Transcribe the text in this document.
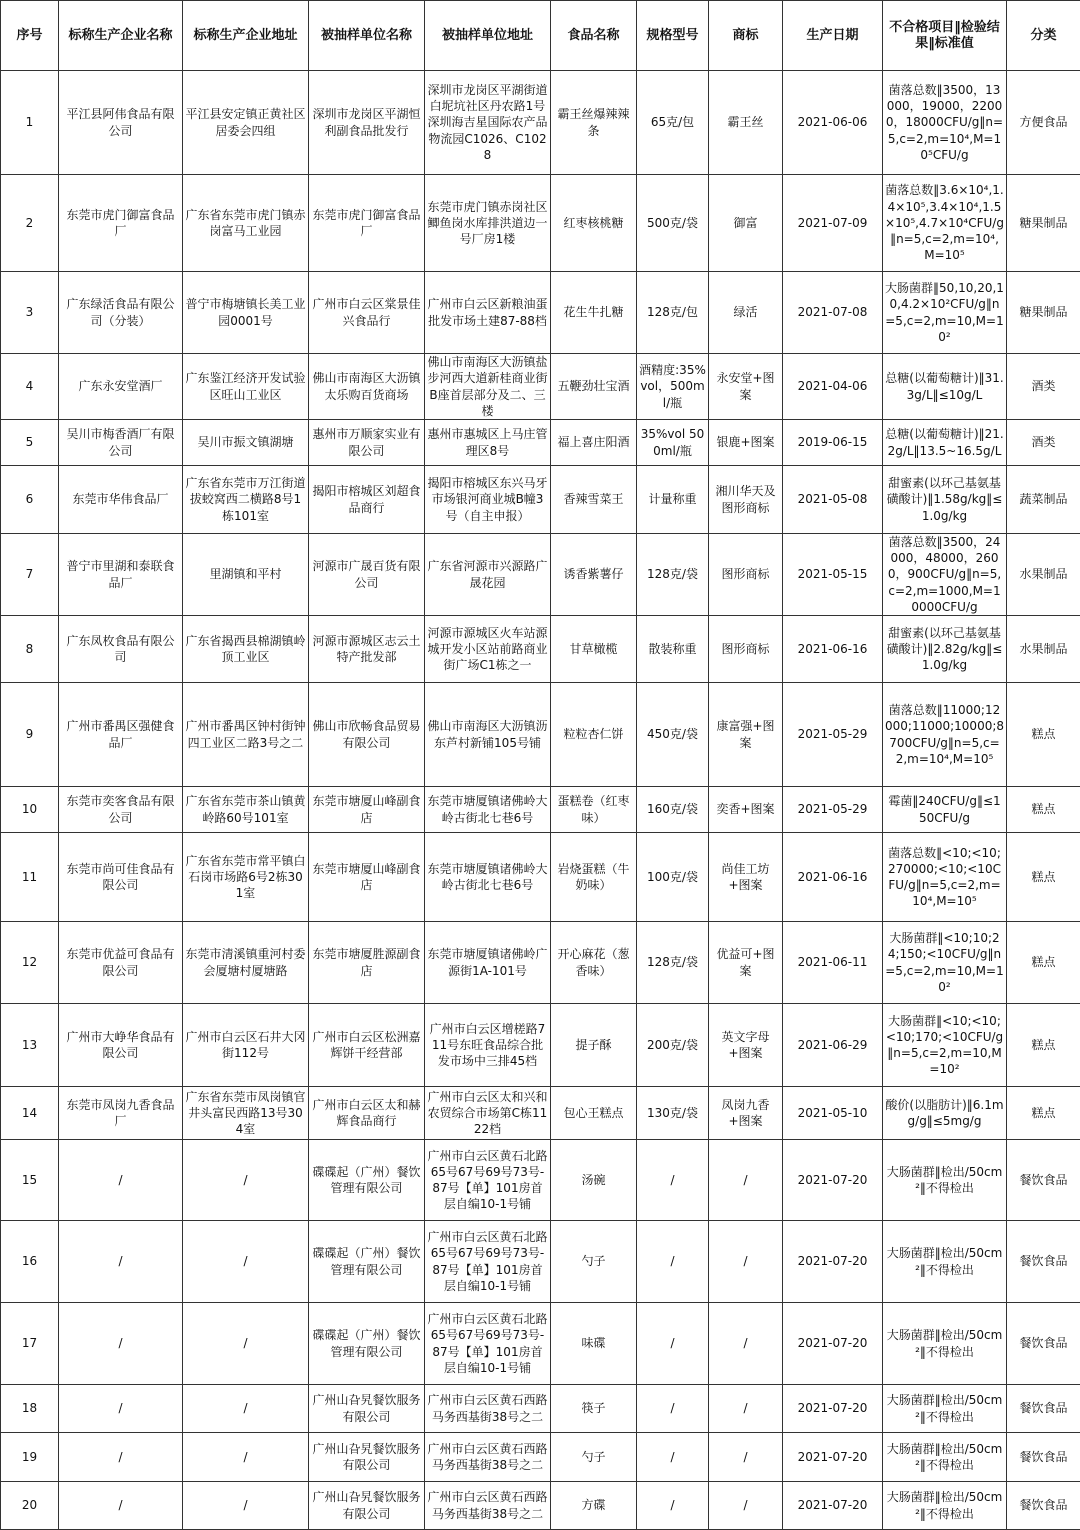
序号	标称生产企业名称	标称生产企业地址	被抽样单位名称	被抽样单位地址	食品名称	规格型号	商标	生产日期	不合格项目‖检验结果‖标准值	分类
1	平江县阿伟食品有限公司	平江县安定镇正黄社区居委会四组	深圳市龙岗区平湖恒利副食品批发行	深圳市龙岗区平湖街道白坭坑社区丹农路1号深圳海吉星国际农产品物流园C1026、C1028	霸王丝爆辣辣条	65克/包	霸王丝	2021-06-06	菌落总数‖3500，13000，19000，22000，18000CFU/g‖n=5,c=2,m=10⁴,M=10⁵CFU/g	方便食品
2	东莞市虎门御富食品厂	广东省东莞市虎门镇赤岗富马工业园	东莞市虎门御富食品厂	东莞市虎门镇赤岗社区鲫鱼岗水库排洪道边一号厂房1楼	红枣核桃糖	500克/袋	御富	2021-07-09	菌落总数‖3.6×10⁴,1.4×10⁵,3.4×10⁴,1.5×10⁵,4.7×10⁴CFU/g‖n=5,c=2,m=10⁴,M=10⁵	糖果制品
3	广东绿活食品有限公司（分装）	普宁市梅塘镇长美工业园0001号	广州市白云区棠景佳兴食品行	广州市白云区新粮油蛋批发市场土建87-88档	花生牛扎糖	128克/包	绿活	2021-07-08	大肠菌群‖50,10,20,10,4.2×10²CFU/g‖n=5,c=2,m=10,M=10²	糖果制品
4	广东永安堂酒厂	广东鉴江经济开发试验区旺山工业区	佛山市南海区大沥镇太乐购百货商场	佛山市南海区大沥镇盐步河西大道新桂商业街B座首层部分及二、三楼	五鞭劲壮宝酒	酒精度:35%vol，500ml/瓶	永安堂+图案	2021-04-06	总糖(以葡萄糖计)‖31.3g/L‖≤10g/L	酒类
5	吴川市梅香酒厂有限公司	吴川市振文镇湖塘	惠州市万顺家实业有限公司	惠州市惠城区上马庄管理区8号	福上喜庄阳酒	35%vol 500ml/瓶	银鹿+图案	2019-06-15	总糖(以葡萄糖计)‖21.2g/L‖13.5~16.5g/L	酒类
6	东莞市华伟食品厂	广东省东莞市万江街道拔蛟窝西二横路8号1栋101室	揭阳市榕城区刘超食品商行	揭阳市榕城区东兴马牙市场银河商业城B幢3号（自主申报）	香辣雪菜王	计量称重	湘川华天及图形商标	2021-05-08	甜蜜素(以环己基氨基磺酸计)‖1.58g/kg‖≤1.0g/kg	蔬菜制品
7	普宁市里湖和泰联食品厂	里湖镇和平村	河源市广晟百货有限公司	广东省河源市兴源路广晟花园	诱香紫薯仔	128克/袋	图形商标	2021-05-15	菌落总数‖3500，24000，48000，2600，900CFU/g‖n=5,c=2,m=1000,M=10000CFU/g	水果制品
8	广东凤枚食品有限公司	广东省揭西县棉湖镇岭顶工业区	河源市源城区志云土特产批发部	河源市源城区火车站源城开发小区站前路商业街广场C1栋之一	甘草橄榄	散装称重	图形商标	2021-06-16	甜蜜素(以环己基氨基磺酸计)‖2.82g/kg‖≤1.0g/kg	水果制品
9	广州市番禺区强健食品厂	广州市番禺区钟村街钟四工业区二路3号之二	佛山市欣畅食品贸易有限公司	佛山市南海区大沥镇沥东芦村新铺105号铺	粒粒杏仁饼	450克/袋	康富强+图案	2021-05-29	菌落总数‖11000;12000;11000;10000;8700CFU/g‖n=5,c=2,m=10⁴,M=10⁵	糕点
10	东莞市奕客食品有限公司	广东省东莞市茶山镇黄岭路60号101室	东莞市塘厦山峰副食店	东莞市塘厦镇诸佛岭大岭古街北七巷6号	蛋糕卷（红枣味）	160克/袋	奕香+图案	2021-05-29	霉菌‖240CFU/g‖≤150CFU/g	糕点
11	东莞市尚可佳食品有限公司	广东省东莞市常平镇白石岗市场路6号2栋301室	东莞市塘厦山峰副食店	东莞市塘厦镇诸佛岭大岭古街北七巷6号	岩烧蛋糕（牛奶味）	100克/袋	尚佳工坊+图案	2021-06-16	菌落总数‖<10;<10;270000;<10;<10CFU/g‖n=5,c=2,m=10⁴,M=10⁵	糕点
12	东莞市优益可食品有限公司	东莞市清溪镇重河村委会厦塘村厦塘路	东莞市塘厦胜源副食店	东莞市塘厦镇诸佛岭广源街1A-101号	开心麻花（葱香味）	128克/袋	优益可+图案	2021-06-11	大肠菌群‖<10;10;24;150;<10CFU/g‖n=5,c=2,m=10,M=10²	糕点
13	广州市大峥华食品有限公司	广州市白云区石井大冈街112号	广州市白云区松洲嘉辉饼干经营部	广州市白云区增槎路711号东旺食品综合批发市场中三排45档	提子酥	200克/袋	英文字母+图案	2021-06-29	大肠菌群‖<10;<10;<10;170;<10CFU/g‖n=5,c=2,m=10,M=10²	糕点
14	东莞市凤岗九香食品厂	广东省东莞市凤岗镇官井头富民西路13号304室	广州市白云区太和赫辉食品商行	广州市白云区太和兴和农贸综合市场第C栋1122档	包心王糕点	130克/袋	凤岗九香+图案	2021-05-10	酸价(以脂肪计)‖6.1mg/g‖≤5mg/g	糕点
15	/	/	碟碟起（广州）餐饮管理有限公司	广州市白云区黄石北路65号67号69号73号-87号【单】101房首层自编10-1号铺	汤碗	/	/	2021-07-20	大肠菌群‖检出/50cm²‖不得检出	餐饮食品
16	/	/	碟碟起（广州）餐饮管理有限公司	广州市白云区黄石北路65号67号69号73号-87号【单】101房首层自编10-1号铺	勺子	/	/	2021-07-20	大肠菌群‖检出/50cm²‖不得检出	餐饮食品
17	/	/	碟碟起（广州）餐饮管理有限公司	广州市白云区黄石北路65号67号69号73号-87号【单】101房首层自编10-1号铺	味碟	/	/	2021-07-20	大肠菌群‖检出/50cm²‖不得检出	餐饮食品
18	/	/	广州山旮旯餐饮服务有限公司	广州市白云区黄石西路马务西基街38号之二	筷子	/	/	2021-07-20	大肠菌群‖检出/50cm²‖不得检出	餐饮食品
19	/	/	广州山旮旯餐饮服务有限公司	广州市白云区黄石西路马务西基街38号之二	勺子	/	/	2021-07-20	大肠菌群‖检出/50cm²‖不得检出	餐饮食品
20	/	/	广州山旮旯餐饮服务有限公司	广州市白云区黄石西路马务西基街38号之二	方碟	/	/	2021-07-20	大肠菌群‖检出/50cm²‖不得检出	餐饮食品
